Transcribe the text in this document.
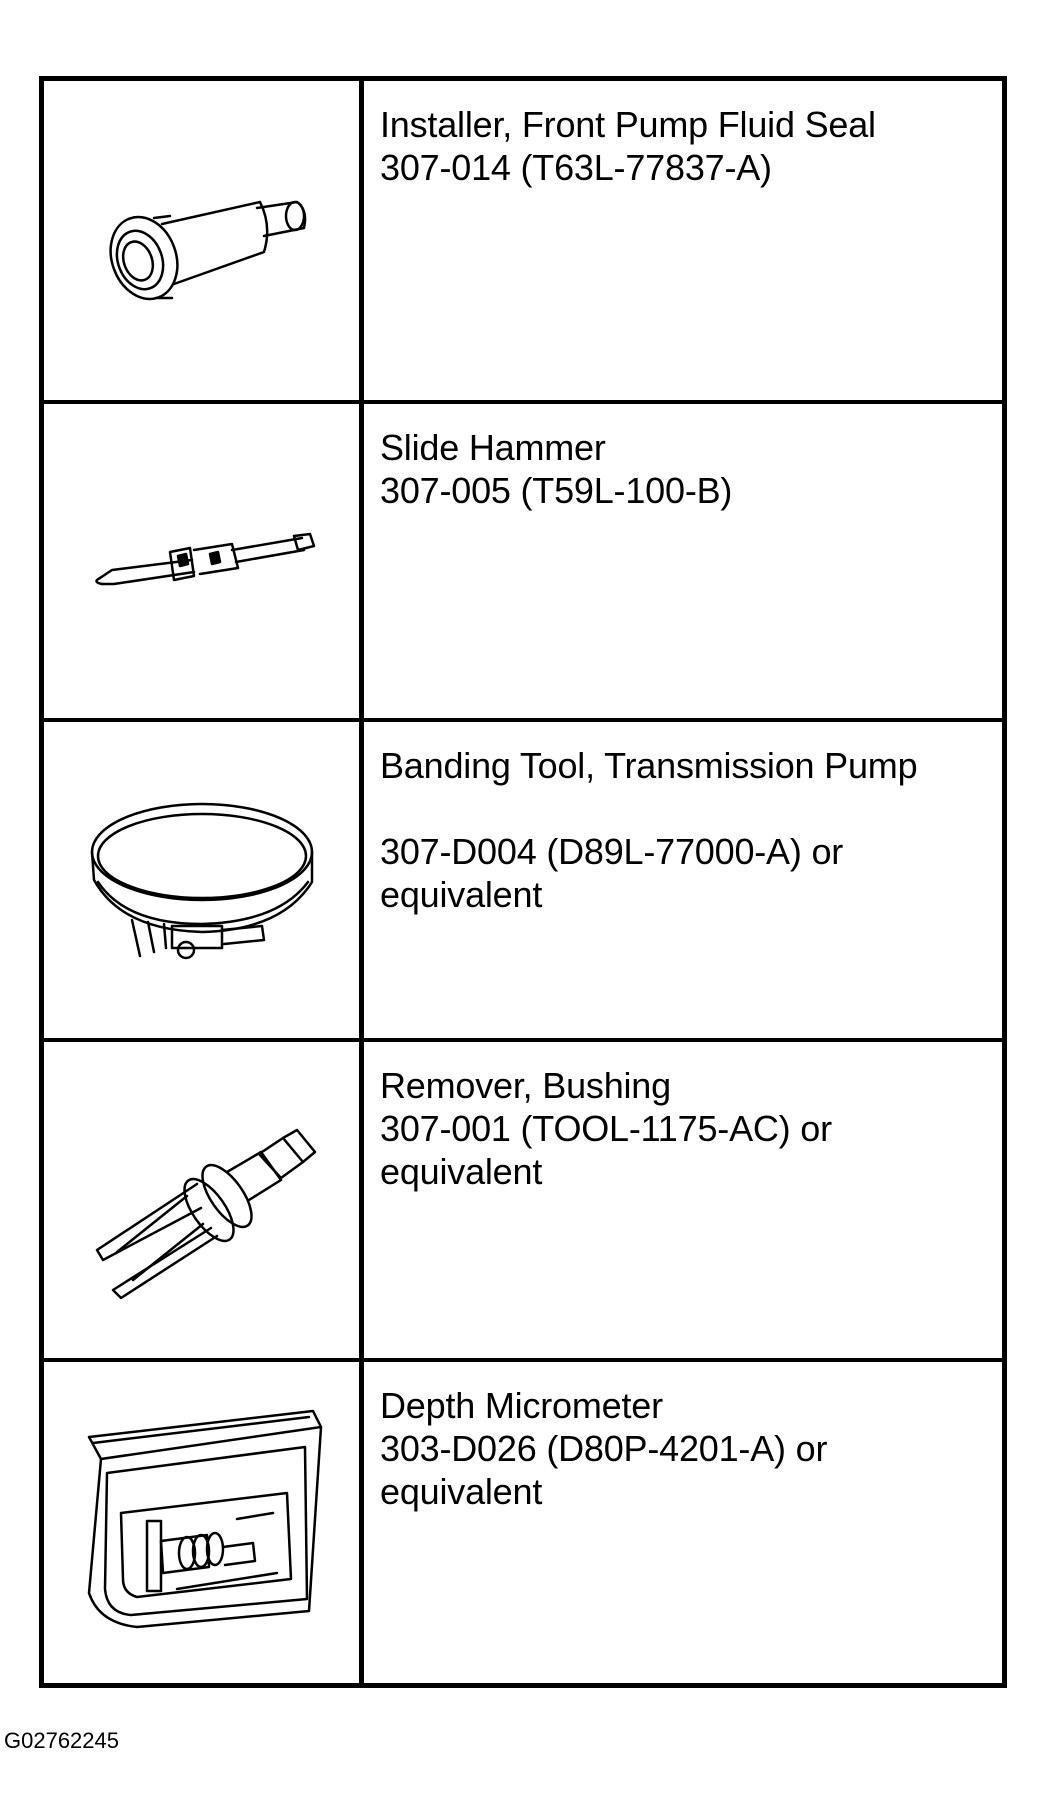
Installer, Front Pump Fluid Seal
307-014 (T63L-77837-A)
Slide Hammer
307-005 (T59L-100-B)
Banding Tool, Transmission Pump
307-D004 (D89L-77000-A) or
equivalent
Remover, Bushing
307-001 (TOOL-1175-AC) or
equivalent
Depth Micrometer
303-D026 (D80P-4201-A) or
equivalent
G02762245
